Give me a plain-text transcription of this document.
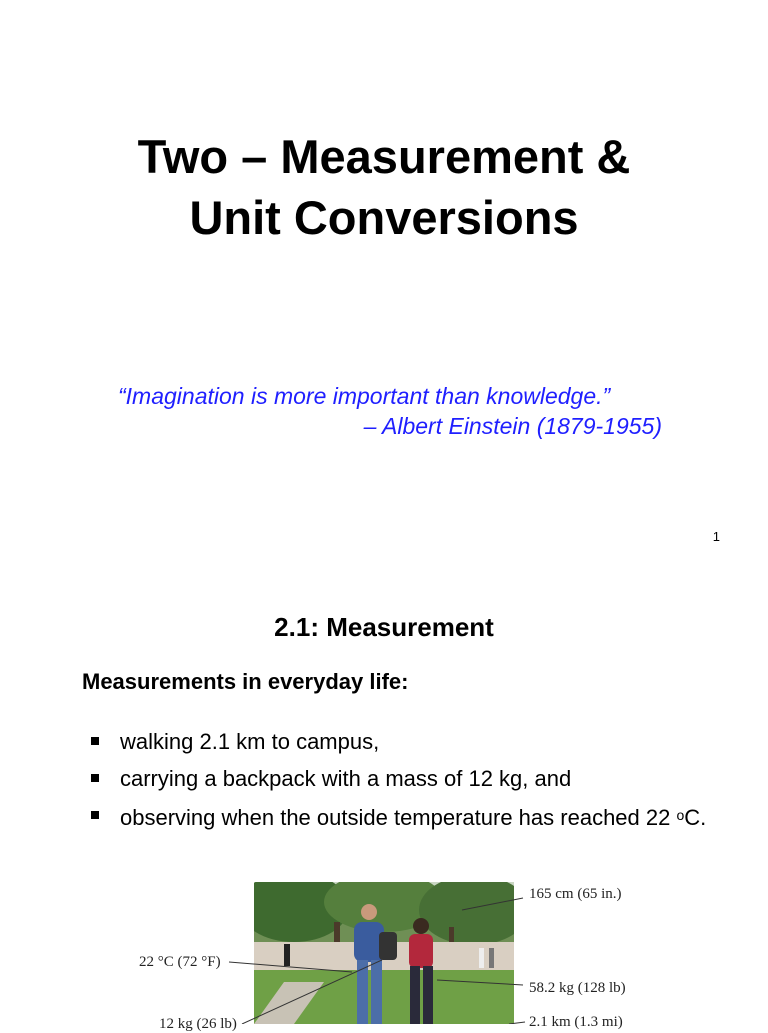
Two – Measurement &
Unit Conversions
“Imagination is more important than knowledge.”
– Albert Einstein (1879-1955)
1
2.1: Measurement
Measurements in everyday life:
walking 2.1 km to campus,
carrying a backpack with a mass of 12 kg, and
observing when the outside temperature has reached 22 $^o$C.
165 cm (65 in.)
22 °C (72 °F)
58.2 kg (128 lb)
12 kg (26 lb)	2.1 km (1.3 mi)
